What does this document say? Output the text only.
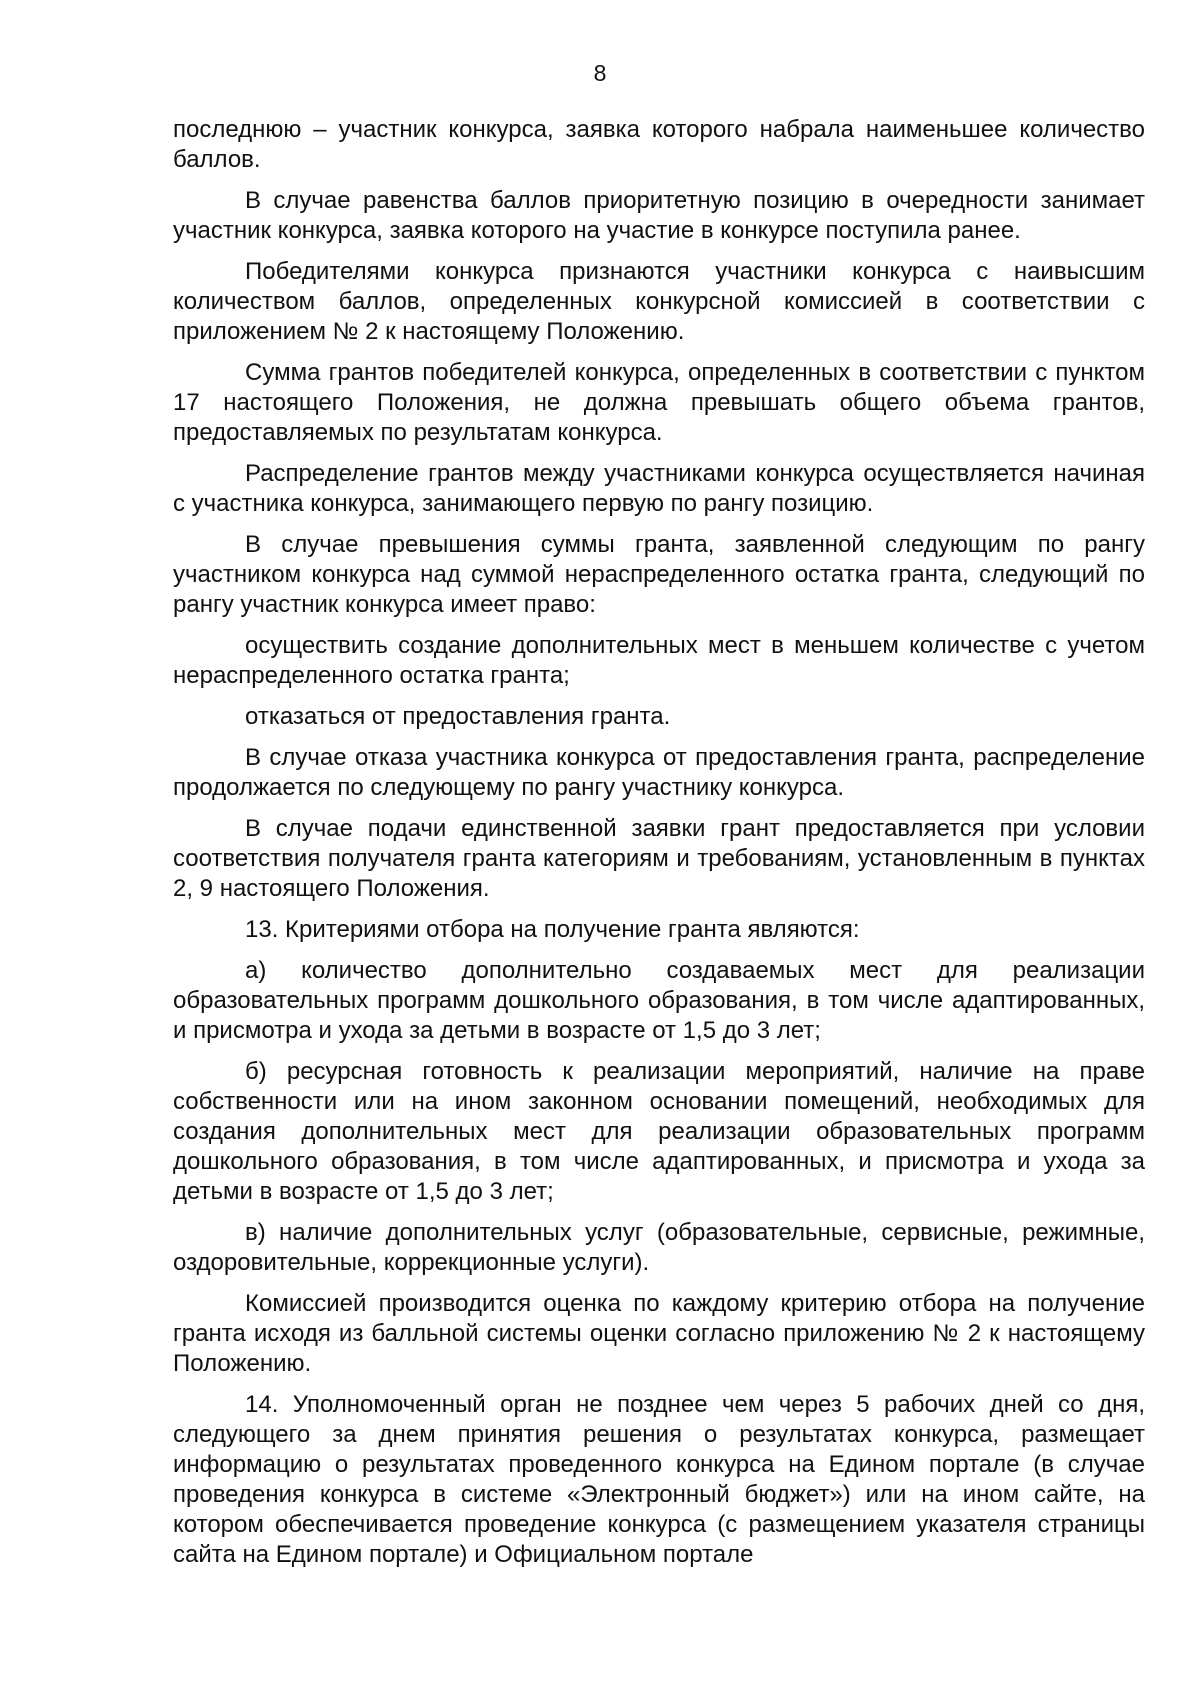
8

последнюю – участник конкурса, заявка которого набрала наименьшее количество баллов.

В случае равенства баллов приоритетную позицию в очередности занимает участник конкурса, заявка которого на участие в конкурсе поступила ранее.

Победителями конкурса признаются участники конкурса с наивысшим количеством баллов, определенных конкурсной комиссией в соответствии с приложением № 2 к настоящему Положению.

Сумма грантов победителей конкурса, определенных в соответствии с пунктом 17 настоящего Положения, не должна превышать общего объема грантов, предоставляемых по результатам конкурса.

Распределение грантов между участниками конкурса осуществляется начиная с участника конкурса, занимающего первую по рангу позицию.

В случае превышения суммы гранта, заявленной следующим по рангу участником конкурса над суммой нераспределенного остатка гранта, следующий по рангу участник конкурса имеет право:

осуществить создание дополнительных мест в меньшем количестве с учетом нераспределенного остатка гранта;

отказаться от предоставления гранта.

В случае отказа участника конкурса от предоставления гранта, распределение продолжается по следующему по рангу участнику конкурса.

В случае подачи единственной заявки грант предоставляется при условии соответствия получателя гранта категориям и требованиям, установленным в пунктах 2, 9 настоящего Положения.

13. Критериями отбора на получение гранта являются:

а) количество дополнительно создаваемых мест для реализации образовательных программ дошкольного образования, в том числе адаптированных, и присмотра и ухода за детьми в возрасте от 1,5 до 3 лет;

б) ресурсная готовность к реализации мероприятий, наличие на праве собственности или на ином законном основании помещений, необходимых для создания дополнительных мест для реализации образовательных программ дошкольного образования, в том числе адаптированных, и присмотра и ухода за детьми в возрасте от 1,5 до 3 лет;

в) наличие дополнительных услуг (образовательные, сервисные, режимные, оздоровительные, коррекционные услуги).

Комиссией производится оценка по каждому критерию отбора на получение гранта исходя из балльной системы оценки согласно приложению № 2 к настоящему Положению.

14. Уполномоченный орган не позднее чем через 5 рабочих дней со дня, следующего за днем принятия решения о результатах конкурса, размещает информацию о результатах проведенного конкурса на Едином портале (в случае проведения конкурса в системе «Электронный бюджет») или на ином сайте, на котором обеспечивается проведение конкурса (с размещением указателя страницы сайта на Едином портале) и Официальном портале
